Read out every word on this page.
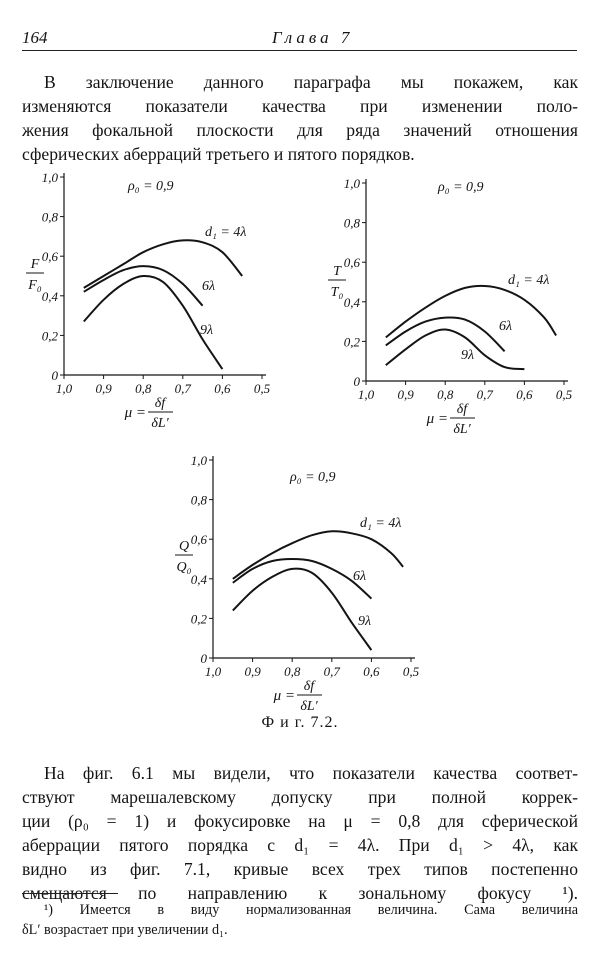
164	Глава 7
В заключение данного параграфа мы покажем, как
изменяются показатели качества при изменении поло-
жения фокальной плоскости для ряда значений отношения
сферических аберраций третьего и пятого порядков.
1,0 0,9 0,8 0,7 0,6 0,5
0
0,2
0,4
0,6
0,8
1,0
F
F₀
μ =
δf
δL′
ρ₀ = 0,9
d₁ = 4λ
6λ
9λ
1,0 0,9 0,8 0,7 0,6 0,5
0
0,2
0,4
0,6
0,8
1,0
T
T₀
μ =
δf
δL′
ρ₀ = 0,9
d₁ = 4λ
6λ
9λ
1,0 0,9 0,8 0,7 0,6 0,5
0
0,2
0,4
0,6
0,8
1,0
Q
Q₀
μ =
δf
δL′
ρ₀ = 0,9
d₁ = 4λ
6λ
9λ
Ф и г. 7.2.
На фиг. 6.1 мы видели, что показатели качества соответ-
ствуют марешалевскому допуску при полной коррек-
ции (ρ₀ = 1) и фокусировке на μ = 0,8 для сферической
аберрации пятого порядка с d₁ = 4λ. При d₁ > 4λ, как
видно из фиг. 7.1, кривые всех трех типов постепенно
смещаются по направлению к зональному фокусу ¹).
¹) Имеется в виду нормализованная величина. Сама величина
δL′ возрастает при увеличении d₁.
